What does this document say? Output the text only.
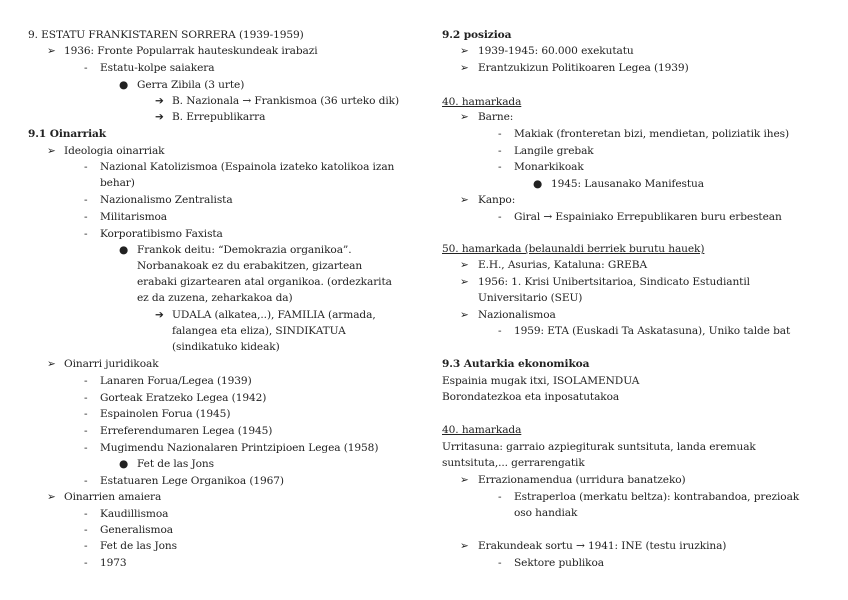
9. ESTATU FRANKISTAREN SORRERA (1939-1959)
➢ 1936: Fronte Popularrak hauteskundeak irabazi
- Estatu-kolpe saiakera
● Gerra Zibila (3 urte)
➔ B. Nazionala → Frankismoa (36 urteko dik)
➔ B. Errepublikarra
9.1 Oinarriak
➢ Ideologia oinarriak
- Nazional Katolizismoa (Espainola izateko katolikoa izan
behar)
- Nazionalismo Zentralista
- Militarismoa
- Korporatibismo Faxista
● Frankok deitu: “Demokrazia organikoa”.
Norbanakoak ez du erabakitzen, gizartean
erabaki gizartearen atal organikoa. (ordezkarita
ez da zuzena, zeharkakoa da)
➔ UDALA (alkatea,..), FAMILIA (armada,
falangea eta eliza), SINDIKATUA
(sindikatuko kideak)
➢ Oinarri juridikoak
- Lanaren Forua/Legea (1939)
- Gorteak Eratzeko Legea (1942)
- Espainolen Forua (1945)
- Erreferendumaren Legea (1945)
- Mugimendu Nazionalaren Printzipioen Legea (1958)
● Fet de las Jons
- Estatuaren Lege Organikoa (1967)
➢ Oinarrien amaiera
- Kaudillismoa
- Generalismoa
- Fet de las Jons
- 1973
9.2 posizioa
➢ 1939-1945: 60.000 exekutatu
➢ Erantzukizun Politikoaren Legea (1939)
40. hamarkada
➢ Barne:
- Makiak (fronteretan bizi, mendietan, poliziatik ihes)
- Langile grebak
- Monarkikoak
● 1945: Lausanako Manifestua
➢ Kanpo:
- Giral → Espainiako Errepublikaren buru erbestean
50. hamarkada (belaunaldi berriek burutu hauek)
➢ E.H., Asurias, Kataluna: GREBA
➢ 1956: 1. Krisi Unibertsitarioa, Sindicato Estudiantil
Universitario (SEU)
➢ Nazionalismoa
- 1959: ETA (Euskadi Ta Askatasuna), Uniko talde bat
9.3 Autarkia ekonomikoa
Espainia mugak itxi, ISOLAMENDUA
Borondatezkoa eta inposatutakoa
40. hamarkada
Urritasuna: garraio azpiegiturak suntsituta, landa eremuak
suntsituta,... gerrarengatik
➢ Errazionamendua (urridura banatzeko)
- Estraperloa (merkatu beltza): kontrabandoa, prezioak
oso handiak
➢ Erakundeak sortu → 1941: INE (testu iruzkina)
- Sektore publikoa
